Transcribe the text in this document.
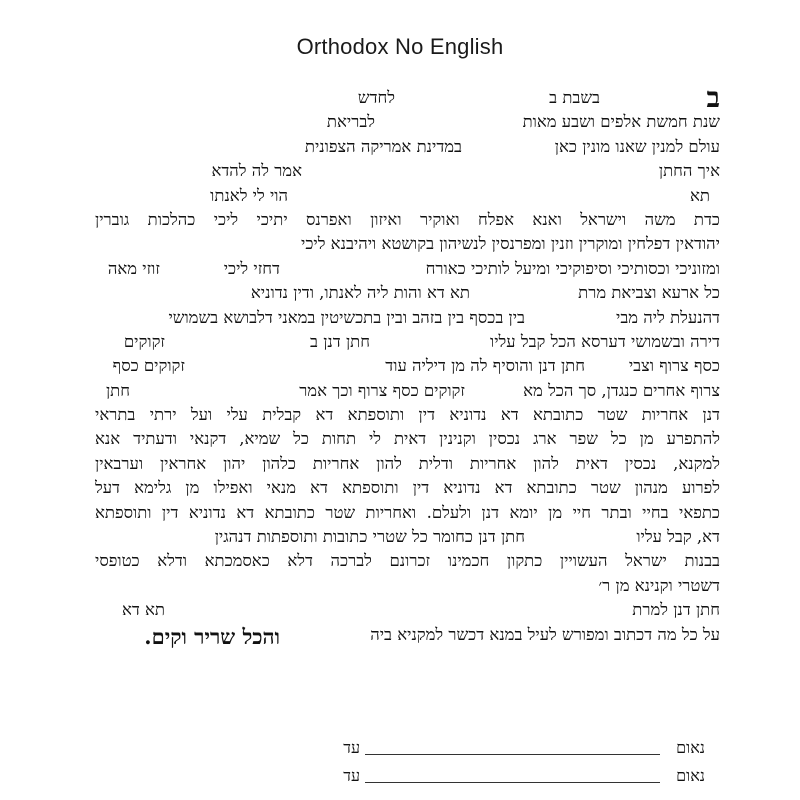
Orthodox No English
ב
בשבת ב
לחדש
שנת חמשת אלפים ושבע מאות
לבריאת
עולם למנין שאנו מונין כאן
במדינת אמריקה הצפונית
איך החתן
אמר לה להדא
תא
הוי לי לאנתו
כדת משה וישראל ואנא אפלח ואוקיר ואיזון ואפרנס יתיכי ליכי כהלכות גוברין
יהודאין דפלחין ומוקרין וזנין ומפרנסין לנשיהון בקושטא ויהיבנא ליכי
זוזי מאה	דחזי ליכי	ומזוניכי וכסותיכי וסיפוקיכי ומיעל לותיכי כאורח
כל ארעא וצביאת מרת
תא דא והות ליה לאנתו, ודין נדוניא
דהנעלת ליה מבי
בין בכסף בין בזהב ובין בתכשיטין במאני דלבושא בשמושי
דירה ובשמושי דערסא הכל קבל עליו
חתן דנן ב
זקוקים
כסף צרוף וצבי
חתן דנן והוסיף לה מן דיליה עוד
זקוקים כסף
צרוף אחרים כנגדן, סך הכל מא
זקוקים כסף צרוף וכך אמר
חתן
דנן אחריות שטר כתובתא דא נדוניא דין ותוספתא דא קבלית עלי ועל ירתי בתראי
להתפרע מן כל שפר ארג נכסין וקנינין דאית לי תחות כל שמיא, דקנאי ודעתיד אנא
למקנא, נכסין דאית להון אחריות ודלית להון אחריות כלהון יהון אחראין וערבאין
לפרוע מנהון שטר כתובתא דא נדוניא דין ותוספתא דא מנאי ואפילו מן גלימא דעל
כתפאי בחיי ובתר חיי מן יומא דנן ולעלם. ואחריות שטר כתובתא דא נדוניא דין ותוספתא
דא, קבל עליו
חתן דנן כחומר כל שטרי כתובות ותוספתות דנהגין
בבנות ישראל העשויין כתקון חכמינו זכרונם לברכה דלא כאסמכתא ודלא כטופסי
דשטרי וקנינא מן ר׳
חתן דנן למרת
תא דא
על כל מה דכתוב ומפורש לעיל במנא דכשר למקניא ביה
והכל שריר וקים.
נאום
עד
נאום
עד
